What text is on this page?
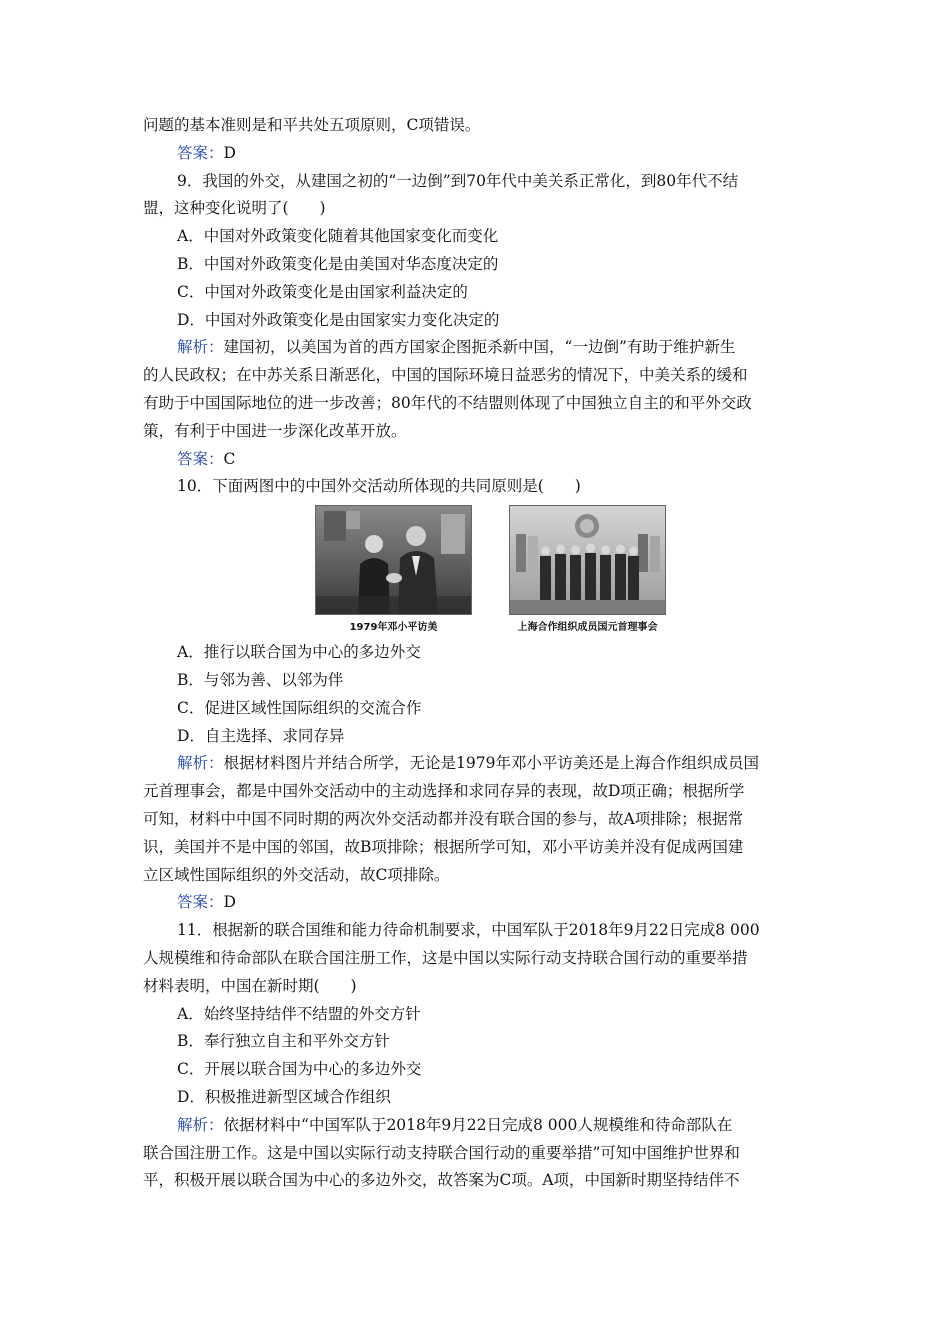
问题的基本准则是和平共处五项原则，C项错误。
答案：D
9．我国的外交，从建国之初的“一边倒”到70年代中美关系正常化，到80年代不结
盟，这种变化说明了(　　)
A．中国对外政策变化随着其他国家变化而变化
B．中国对外政策变化是由美国对华态度决定的
C．中国对外政策变化是由国家利益决定的
D．中国对外政策变化是由国家实力变化决定的
解析：建国初，以美国为首的西方国家企图扼杀新中国，“一边倒”有助于维护新生
的人民政权；在中苏关系日渐恶化，中国的国际环境日益恶劣的情况下，中美关系的缓和
有助于中国国际地位的进一步改善；80年代的不结盟则体现了中国独立自主的和平外交政
策，有利于中国进一步深化改革开放。
答案：C
10．下面两图中的中国外交活动所体现的共同原则是(　　)
1979年邓小平访美	上海合作组织成员国元首理事会
A．推行以联合国为中心的多边外交
B．与邻为善、以邻为伴
C．促进区域性国际组织的交流合作
D．自主选择、求同存异
解析：根据材料图片并结合所学，无论是1979年邓小平访美还是上海合作组织成员国
元首理事会，都是中国外交活动中的主动选择和求同存异的表现，故D项正确；根据所学
可知，材料中中国不同时期的两次外交活动都并没有联合国的参与，故A项排除；根据常
识，美国并不是中国的邻国，故B项排除；根据所学可知，邓小平访美并没有促成两国建
立区域性国际组织的外交活动，故C项排除。
答案：D
11．根据新的联合国维和能力待命机制要求，中国军队于2018年9月22日完成8 000
人规模维和待命部队在联合国注册工作，这是中国以实际行动支持联合国行动的重要举措
材料表明，中国在新时期(　　)
A．始终坚持结伴不结盟的外交方针
B．奉行独立自主和平外交方针
C．开展以联合国为中心的多边外交
D．积极推进新型区域合作组织
解析：依据材料中“中国军队于2018年9月22日完成8 000人规模维和待命部队在
联合国注册工作。这是中国以实际行动支持联合国行动的重要举措”可知中国维护世界和
平，积极开展以联合国为中心的多边外交，故答案为C项。A项，中国新时期坚持结伴不
